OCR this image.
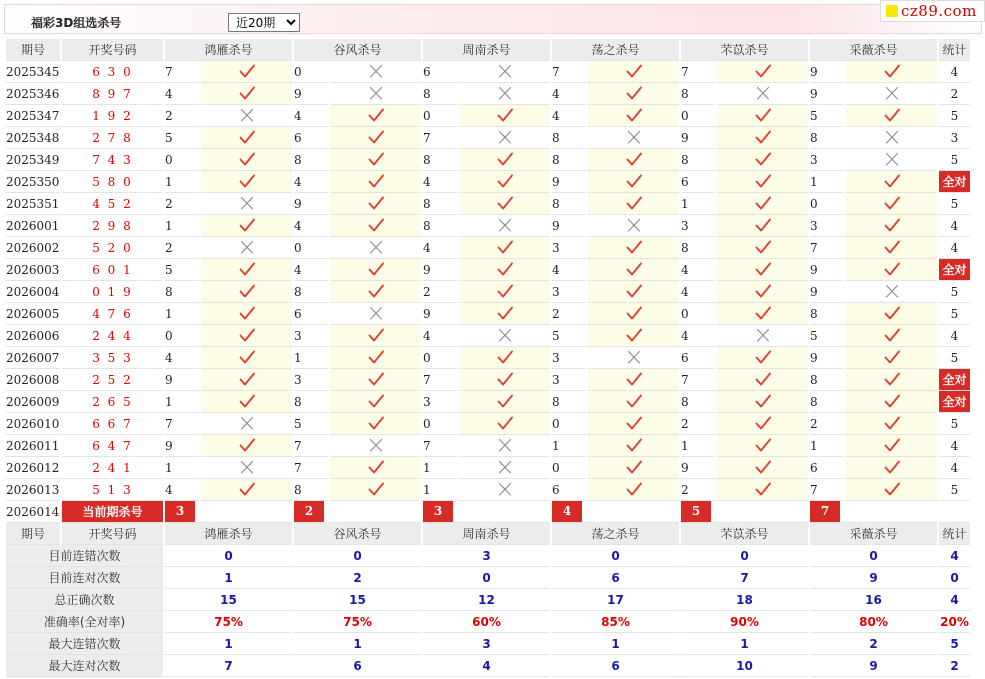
福彩3D组选杀号
近20期
cz89.com
期号	开奖号码	鸿雁杀号		谷风杀号		周南杀号		荡之杀号		芣苡杀号		采薇杀号		统计
2025345	6 3 0	7		0		6		7		7		9		4
2025346	8 9 7	4		9		8		4		8		9		2
2025347	1 9 2	2		4		0		4		0		5		5
2025348	2 7 8	5		6		7		8		9		8		3
2025349	7 4 3	0		8		8		8		8		3		5
2025350	5 8 0	1		4		4		9		6		1		全对
2025351	4 5 2	2		9		8		8		1		0		5
2026001	2 9 8	1		4		8		9		3		3		4
2026002	5 2 0	2		0		4		3		8		7		4
2026003	6 0 1	5		4		9		4		4		9		全对
2026004	0 1 9	8		8		2		3		4		9		5
2026005	4 7 6	1		6		9		2		0		8		5
2026006	2 4 4	0		3		4		5		4		5		4
2026007	3 5 3	4		1		0		3		6		9		5
2026008	2 5 2	9		3		7		3		7		8		全对
2026009	2 6 5	1		8		3		8		8		8		全对
2026010	6 6 7	7		5		0		0		2		2		5
2026011	6 4 7	9		7		7		1		1		1		4
2026012	2 4 1	1		7		1		0		9		6		4
2026013	5 1 3	4		8		1		6		2		7		5
2026014	当前期杀号	3		2		3		4		5		7		
期号	开奖号码	鸿雁杀号		谷风杀号		周南杀号		荡之杀号		芣苡杀号		采薇杀号		统计
目前连错次数		0		0		3		0		0		0		4
目前连对次数		1		2		0		6		7		9		0
总正确次数		15		15		12		17		18		16		4
准确率(全对率)		75%		75%		60%		85%		90%		80%		20%
最大连错次数		1		1		3		1		1		2		5
最大连对次数		7		6		4		6		10		9		2
